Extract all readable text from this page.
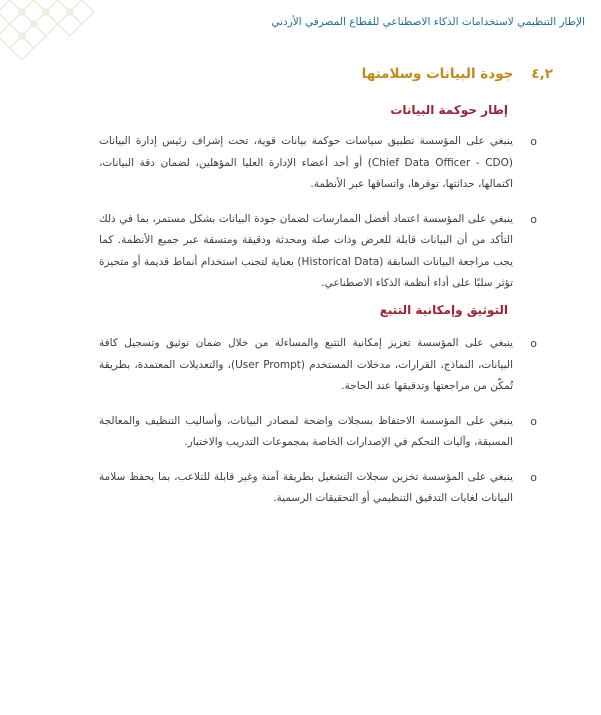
الإطار التنظيمي لاستخدامات الذكاء الاصطناعي للقطاع المصرفي الأردني
٤,٢
جودة البيانات وسلامتها
إطار حوكمة البيانات
o
ينبغي على المؤسسة تطبيق سياسات حوكمة بيانات قوية، تحت إشراف رئيس إدارة البيانات (Chief Data Officer - CDO) أو أحد أعضاء الإدارة العليا المؤهلين، لضمان دقة البيانات، اكتمالها، حداثتها، توفرها، واتساقها عبر الأنظمة.
o
ينبغي على المؤسسة اعتماد أفضل الممارسات لضمان جودة البيانات بشكل مستمر، بما في ذلك التأكد من أن البيانات قابلة للعرض وذات صلة ومحدثة ودقيقة ومتسقة عبر جميع الأنظمة. كما يجب مراجعة البيانات السابقة (Historical Data) بعناية لتجنب استخدام أنماط قديمة أو متحيزة تؤثر سلبًا على أداء أنظمة الذكاء الاصطناعي.
التوثيق وإمكانية التتبع
o
ينبغي على المؤسسة تعزيز إمكانية التتبع والمساءلة من خلال ضمان توثيق وتسجيل كافة البيانات، النماذج، القرارات، مدخلات المستخدم (User Prompt)، والتعديلات المعتمدة، بطريقة تُمكّن من مراجعتها وتدقيقها عند الحاجة.
o
ينبغي على المؤسسة الاحتفاظ بسجلات واضحة لمصادر البيانات، وأساليب التنظيف والمعالجة المسبقة، وآليات التحكم في الإصدارات الخاصة بمجموعات التدريب والاختبار.
o
ينبغي على المؤسسة تخزين سجلات التشغيل بطريقة آمنة وغير قابلة للتلاعب، بما يحفظ سلامة البيانات لغايات التدقيق التنظيمي أو التحقيقات الرسمية.
